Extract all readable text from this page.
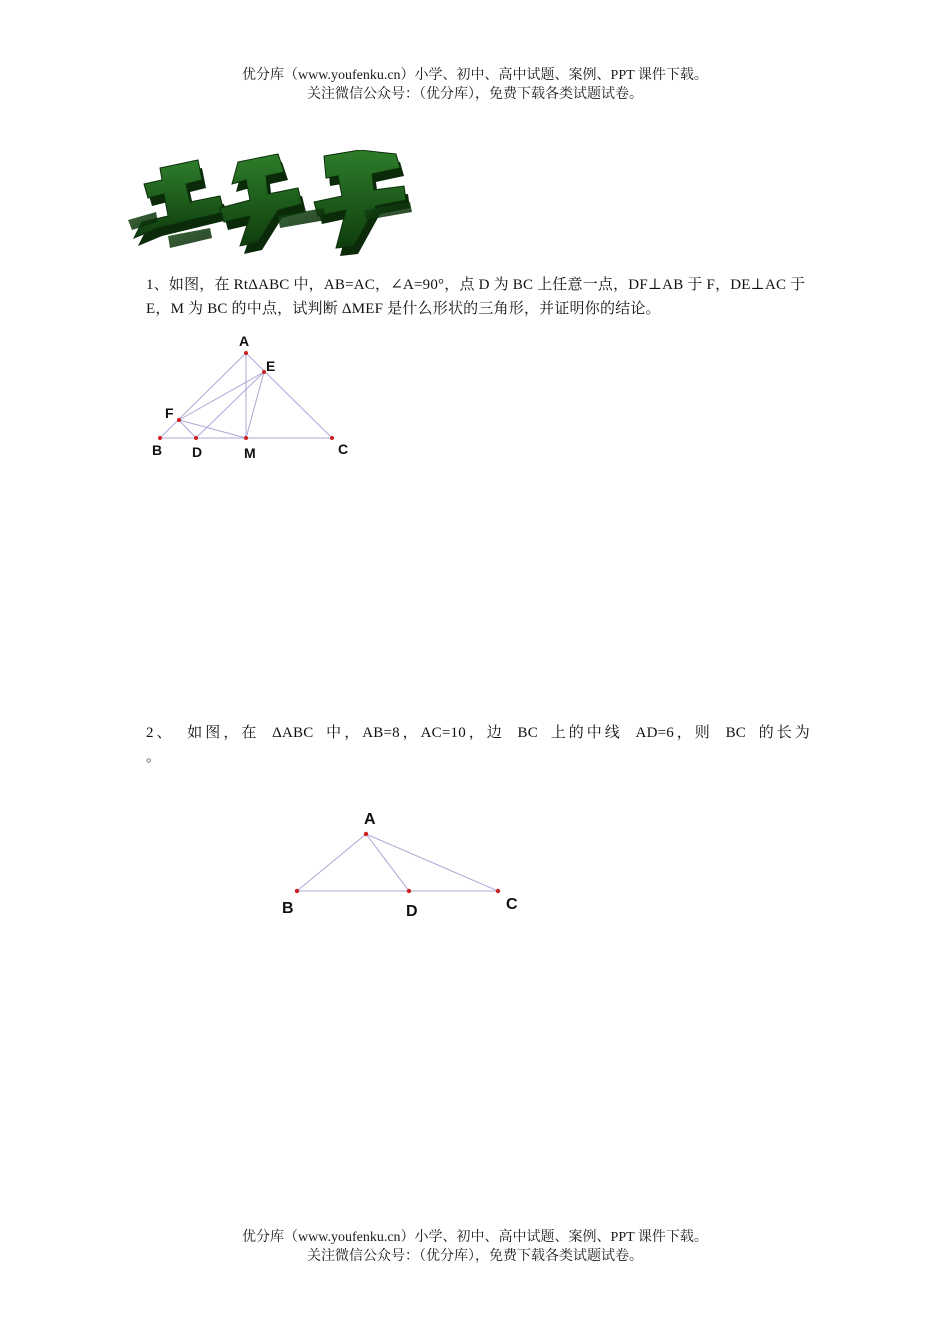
优分库（www.youfenku.cn）小学、初中、高中试题、案例、PPT 课件下载。
关注微信公众号：（优分库），免费下载各类试题试卷。
1、如图，在 RtΔABC 中，AB=AC，∠A=90°，点 D 为 BC 上任意一点，DF⊥AB 于 F，DE⊥AC 于 E，M 为 BC 的中点，试判断 ΔMEF 是什么形状的三角形，并证明你的结论。
A
E
F
B D	M	C
2、 如图，在 ΔABC 中，AB=8，AC=10，边 BC 上的中线 AD=6，则 BC 的长为
。
A
B	D	C
优分库（www.youfenku.cn）小学、初中、高中试题、案例、PPT 课件下载。
关注微信公众号：（优分库），免费下载各类试题试卷。
